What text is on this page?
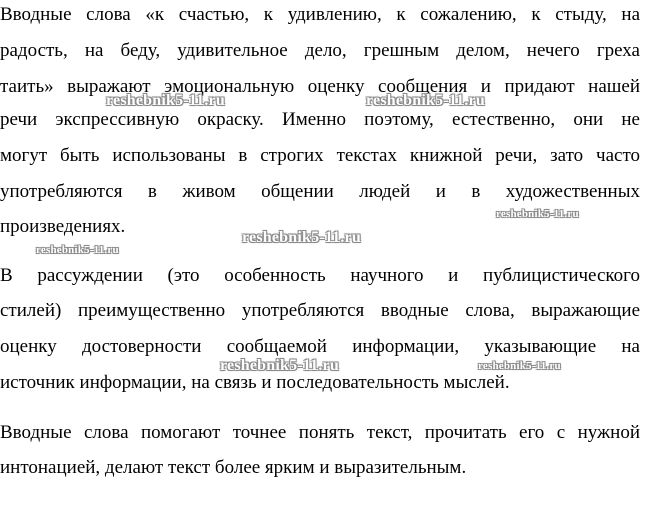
Вводные слова «к счастью, к удивлению, к сожалению, к стыду, на
радость, на беду, удивительное дело, грешным делом, нечего греха
таить» выражают эмоциональную оценку сообщения и придают нашей
речи экспрессивную окраску. Именно поэтому, естественно, они не
могут быть использованы в строгих текстах книжной речи, зато часто
употребляются в живом общении людей и в художественных
произведениях.
В рассуждении (это особенность научного и публицистического
стилей) преимущественно употребляются вводные слова, выражающие
оценку достоверности сообщаемой информации, указывающие на
источник информации, на связь и последовательность мыслей.
Вводные слова помогают точнее понять текст, прочитать его с нужной
интонацией, делают текст более ярким и выразительным.
reshebnik5-11.ru	reshebnik5-11.ru
reshebnik5-11.ru
reshebnik5-11.ru
reshebnik5-11.ru
reshebnik5-11.ru	reshebnik5-11.ru
